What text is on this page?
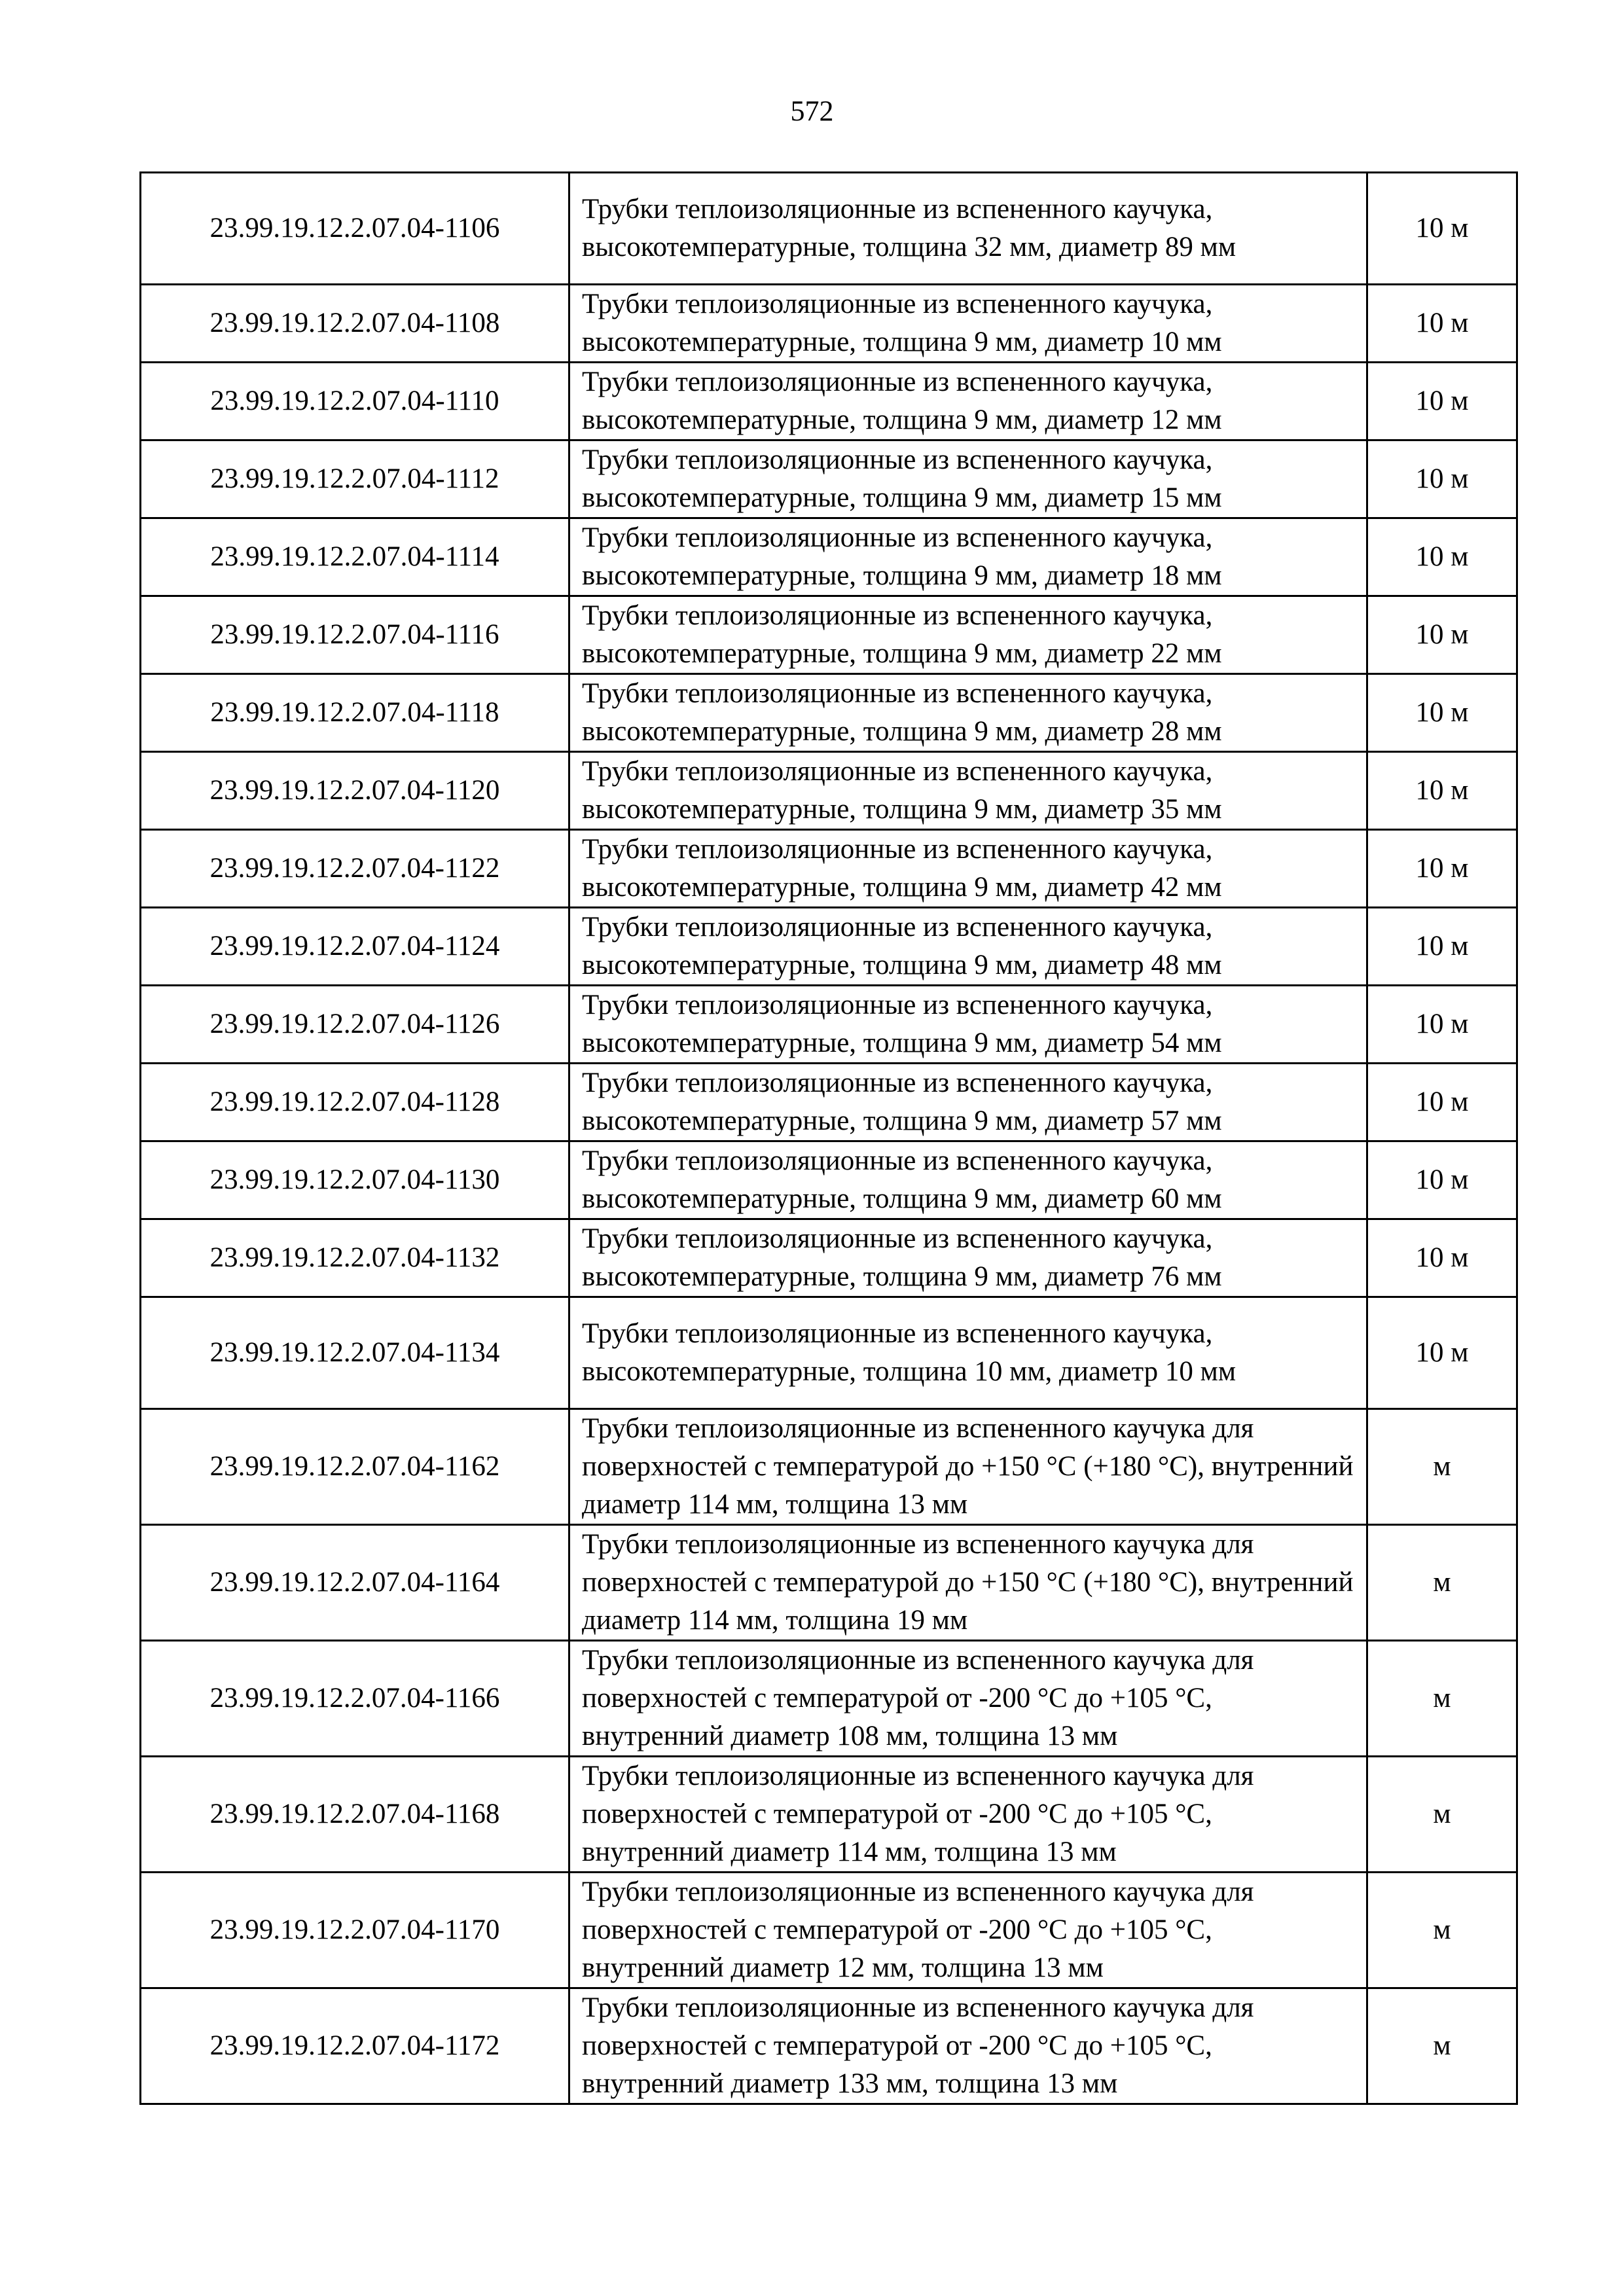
572
23.99.19.12.2.07.04-1106	Трубки теплоизоляционные из вспененного каучука, высокотемпературные, толщина 32 мм, диаметр 89 мм	10 м
23.99.19.12.2.07.04-1108	Трубки теплоизоляционные из вспененного каучука, высокотемпературные, толщина 9 мм, диаметр 10 мм	10 м
23.99.19.12.2.07.04-1110	Трубки теплоизоляционные из вспененного каучука, высокотемпературные, толщина 9 мм, диаметр 12 мм	10 м
23.99.19.12.2.07.04-1112	Трубки теплоизоляционные из вспененного каучука, высокотемпературные, толщина 9 мм, диаметр 15 мм	10 м
23.99.19.12.2.07.04-1114	Трубки теплоизоляционные из вспененного каучука, высокотемпературные, толщина 9 мм, диаметр 18 мм	10 м
23.99.19.12.2.07.04-1116	Трубки теплоизоляционные из вспененного каучука, высокотемпературные, толщина 9 мм, диаметр 22 мм	10 м
23.99.19.12.2.07.04-1118	Трубки теплоизоляционные из вспененного каучука, высокотемпературные, толщина 9 мм, диаметр 28 мм	10 м
23.99.19.12.2.07.04-1120	Трубки теплоизоляционные из вспененного каучука, высокотемпературные, толщина 9 мм, диаметр 35 мм	10 м
23.99.19.12.2.07.04-1122	Трубки теплоизоляционные из вспененного каучука, высокотемпературные, толщина 9 мм, диаметр 42 мм	10 м
23.99.19.12.2.07.04-1124	Трубки теплоизоляционные из вспененного каучука, высокотемпературные, толщина 9 мм, диаметр 48 мм	10 м
23.99.19.12.2.07.04-1126	Трубки теплоизоляционные из вспененного каучука, высокотемпературные, толщина 9 мм, диаметр 54 мм	10 м
23.99.19.12.2.07.04-1128	Трубки теплоизоляционные из вспененного каучука, высокотемпературные, толщина 9 мм, диаметр 57 мм	10 м
23.99.19.12.2.07.04-1130	Трубки теплоизоляционные из вспененного каучука, высокотемпературные, толщина 9 мм, диаметр 60 мм	10 м
23.99.19.12.2.07.04-1132	Трубки теплоизоляционные из вспененного каучука, высокотемпературные, толщина 9 мм, диаметр 76 мм	10 м
23.99.19.12.2.07.04-1134	Трубки теплоизоляционные из вспененного каучука, высокотемпературные, толщина 10 мм, диаметр 10 мм	10 м
23.99.19.12.2.07.04-1162	Трубки теплоизоляционные из вспененного каучука для поверхностей с температурой до +150 °С (+180 °С), внутренний диаметр 114 мм, толщина 13 мм	м
23.99.19.12.2.07.04-1164	Трубки теплоизоляционные из вспененного каучука для поверхностей с температурой до +150 °С (+180 °С), внутренний диаметр 114 мм, толщина 19 мм	м
23.99.19.12.2.07.04-1166	Трубки теплоизоляционные из вспененного каучука для поверхностей с температурой от -200 °С до +105 °С, внутренний диаметр 108 мм, толщина 13 мм	м
23.99.19.12.2.07.04-1168	Трубки теплоизоляционные из вспененного каучука для поверхностей с температурой от -200 °С до +105 °С, внутренний диаметр 114 мм, толщина 13 мм	м
23.99.19.12.2.07.04-1170	Трубки теплоизоляционные из вспененного каучука для поверхностей с температурой от -200 °С до +105 °С, внутренний диаметр 12 мм, толщина 13 мм	м
23.99.19.12.2.07.04-1172	Трубки теплоизоляционные из вспененного каучука для поверхностей с температурой от -200 °С до +105 °С, внутренний диаметр 133 мм, толщина 13 мм	м
